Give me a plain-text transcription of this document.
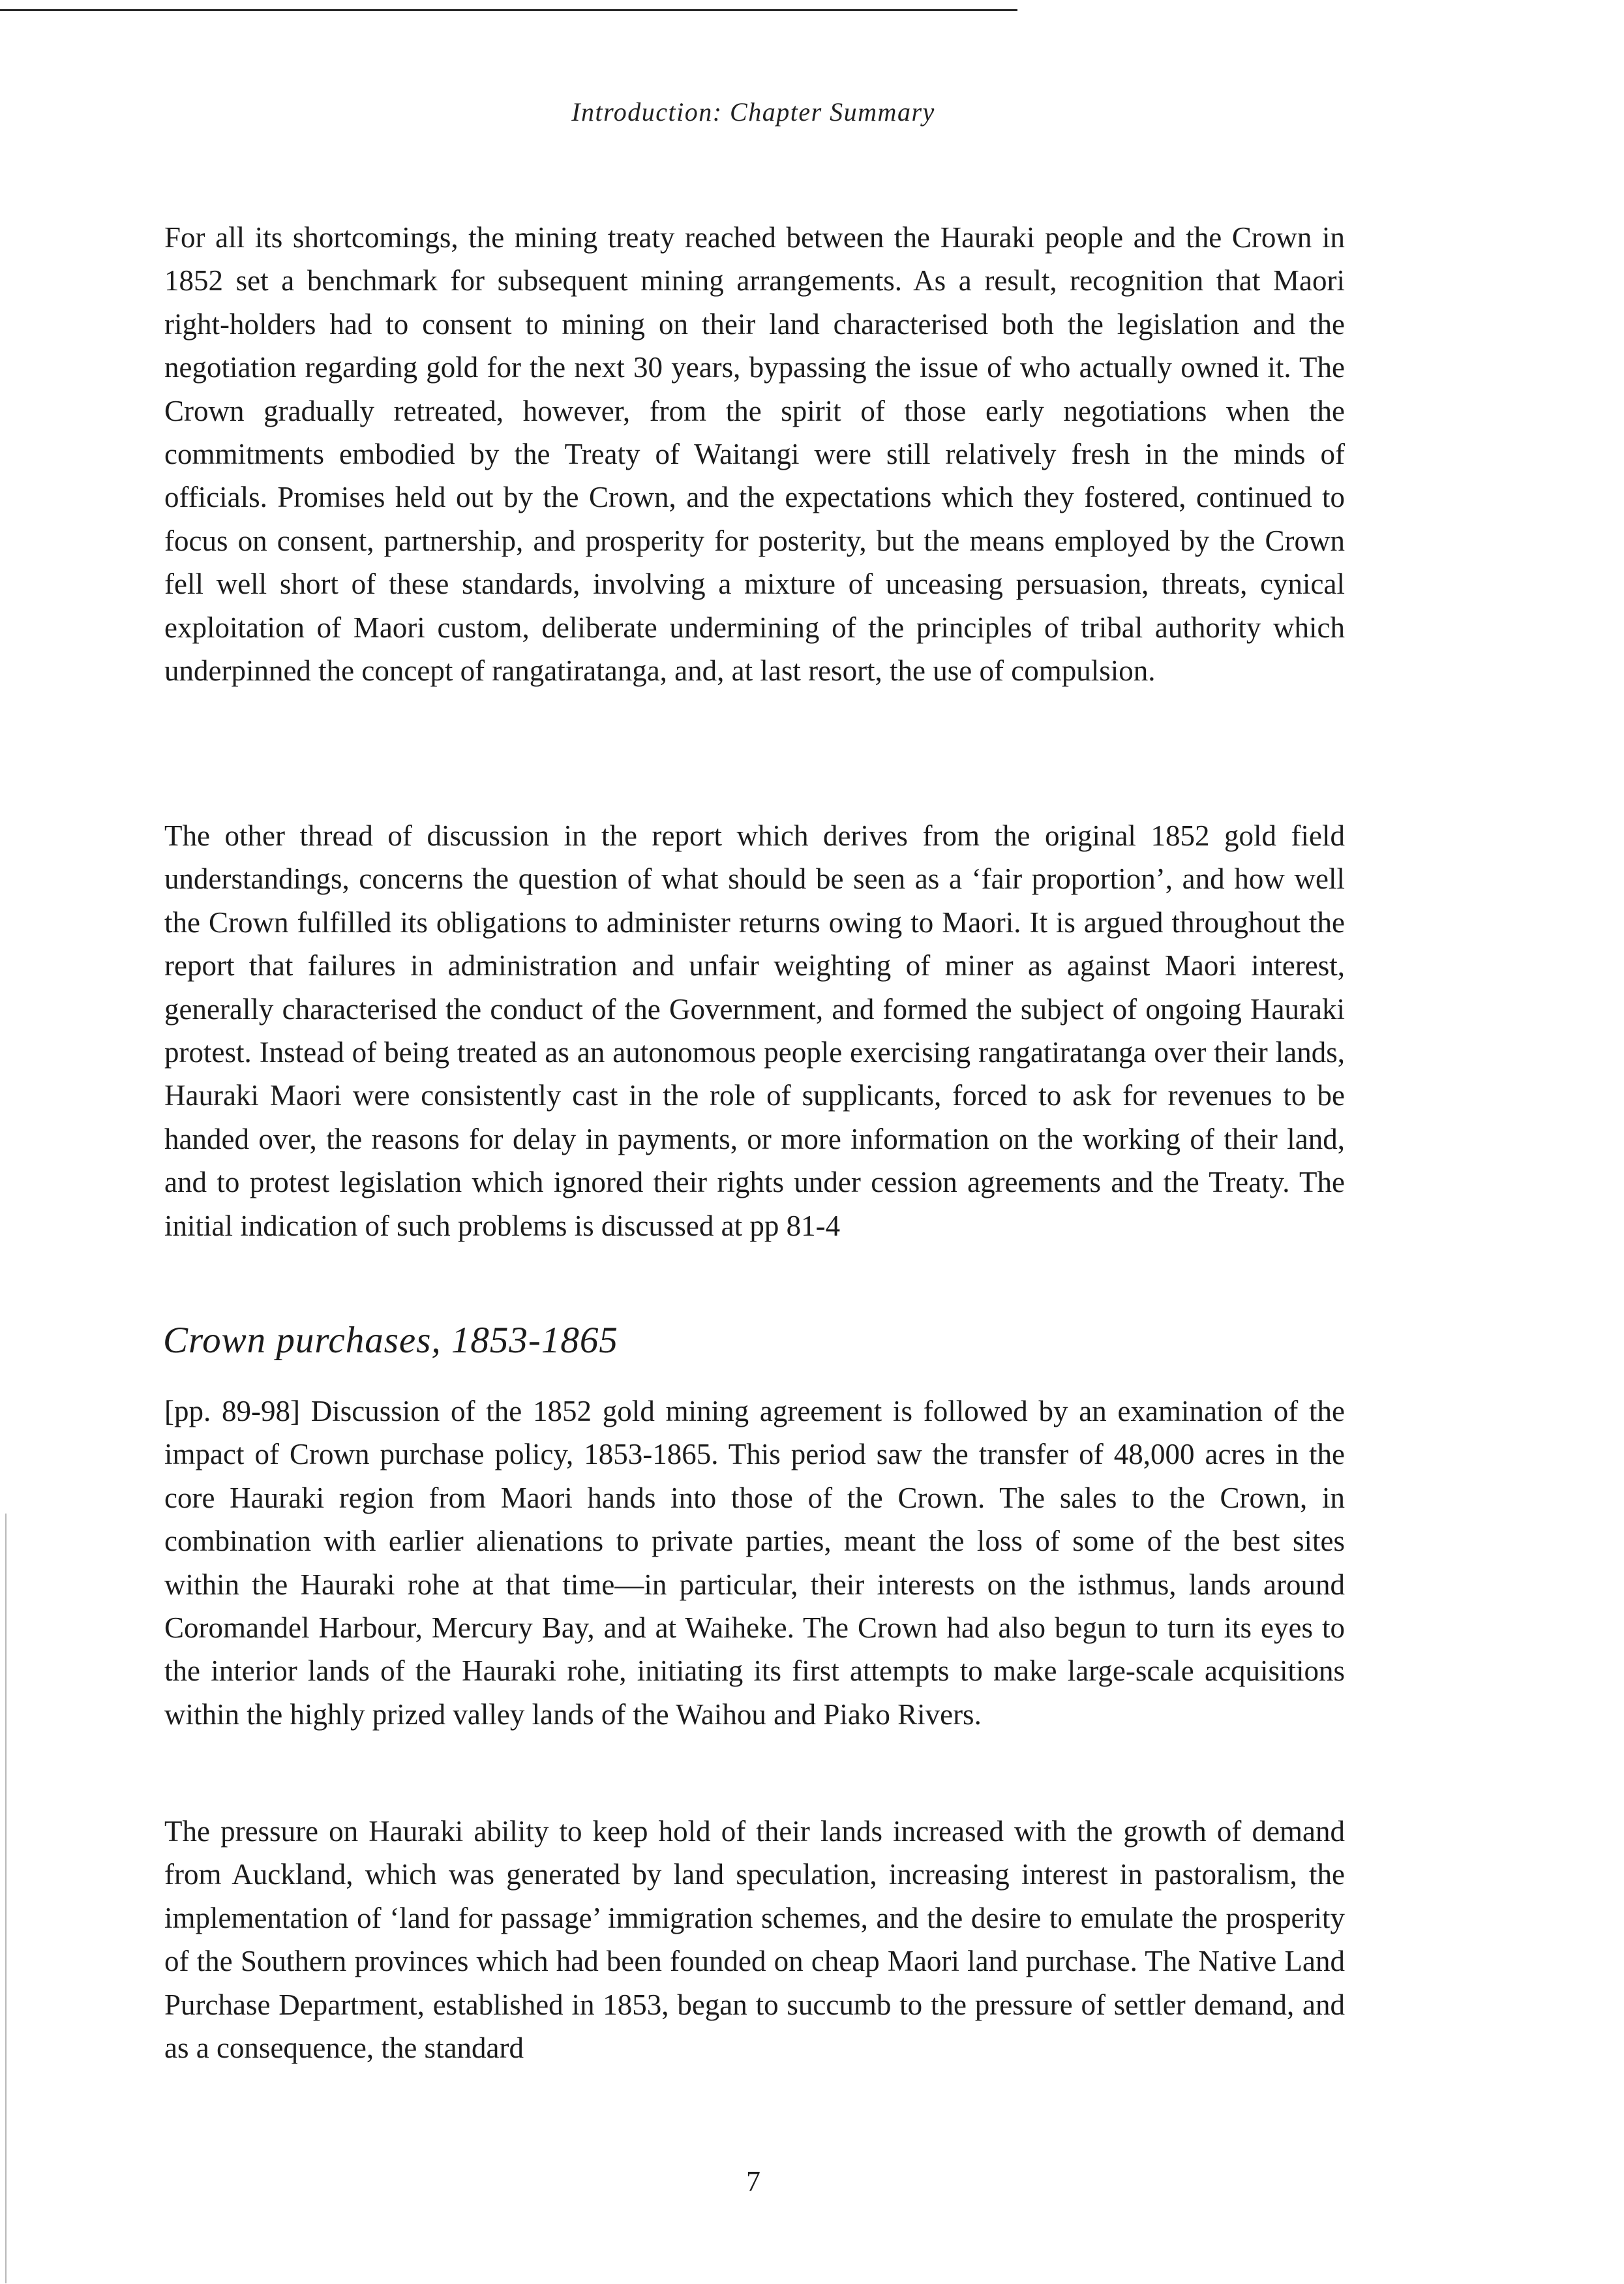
Introduction: Chapter Summary

For all its shortcomings, the mining treaty reached between the Hauraki people and the Crown in 1852 set a benchmark for subsequent mining arrangements. As a result, recognition that Maori right-holders had to consent to mining on their land characterised both the legislation and the negotiation regarding gold for the next 30 years, bypassing the issue of who actually owned it. The Crown gradually retreated, however, from the spirit of those early negotiations when the commitments embodied by the Treaty of Waitangi were still relatively fresh in the minds of officials. Promises held out by the Crown, and the expectations which they fostered, continued to focus on consent, partnership, and prosperity for posterity, but the means employed by the Crown fell well short of these standards, involving a mixture of unceasing persuasion, threats, cynical exploitation of Maori custom, deliberate undermining of the principles of tribal authority which underpinned the concept of rangatiratanga, and, at last resort, the use of compulsion.

The other thread of discussion in the report which derives from the original 1852 gold field understandings, concerns the question of what should be seen as a ‘fair proportion’, and how well the Crown fulfilled its obligations to administer returns owing to Maori. It is argued throughout the report that failures in administration and unfair weighting of miner as against Maori interest, generally characterised the conduct of the Government, and formed the subject of ongoing Hauraki protest. Instead of being treated as an autonomous people exercising rangatiratanga over their lands, Hauraki Maori were consistently cast in the role of supplicants, forced to ask for revenues to be handed over, the reasons for delay in payments, or more information on the working of their land, and to protest legislation which ignored their rights under cession agreements and the Treaty. The initial indication of such problems is discussed at pp 81-4

Crown purchases, 1853-1865

[pp. 89-98] Discussion of the 1852 gold mining agreement is followed by an examination of the impact of Crown purchase policy, 1853-1865. This period saw the transfer of 48,000 acres in the core Hauraki region from Maori hands into those of the Crown. The sales to the Crown, in combination with earlier alienations to private parties, meant the loss of some of the best sites within the Hauraki rohe at that time—in particular, their interests on the isthmus, lands around Coromandel Harbour, Mercury Bay, and at Waiheke. The Crown had also begun to turn its eyes to the interior lands of the Hauraki rohe, initiating its first attempts to make large-scale acquisitions within the highly prized valley lands of the Waihou and Piako Rivers.

The pressure on Hauraki ability to keep hold of their lands increased with the growth of demand from Auckland, which was generated by land speculation, increasing interest in pastoralism, the implementation of ‘land for passage’ immigration schemes, and the desire to emulate the prosperity of the Southern provinces which had been founded on cheap Maori land purchase. The Native Land Purchase Department, established in 1853, began to succumb to the pressure of settler demand, and as a consequence, the standard

7
